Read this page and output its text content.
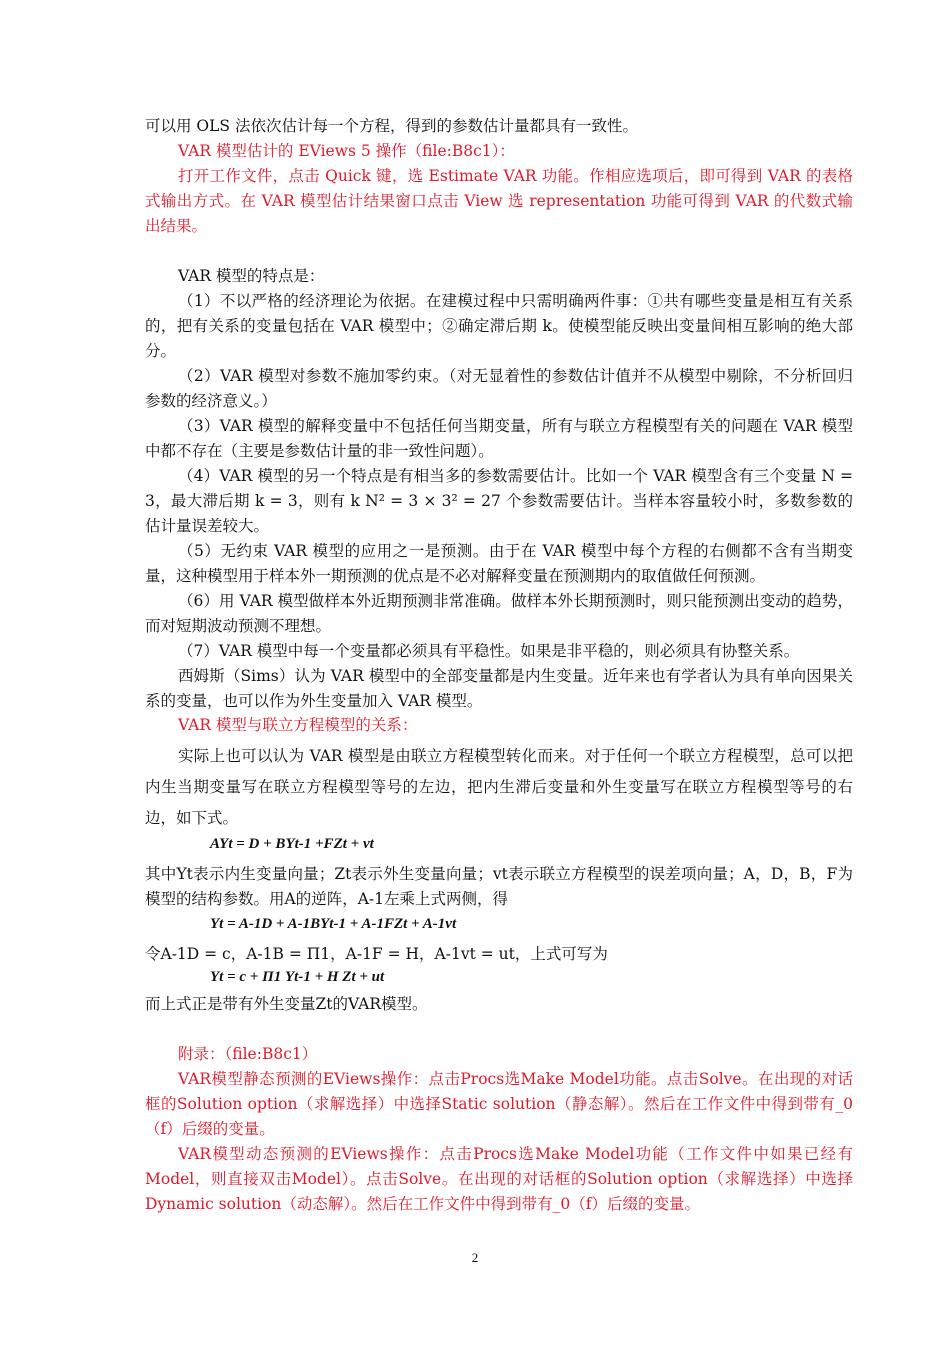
可以用 OLS 法依次估计每一个方程，得到的参数估计量都具有一致性。

VAR 模型估计的 EViews 5 操作（file:B8c1）：

打开工作文件，点击 Quick 键，选 Estimate VAR 功能。作相应选项后，即可得到 VAR 的表格式输出方式。在 VAR 模型估计结果窗口点击 View 选 representation 功能可得到 VAR 的代数式输出结果。

VAR 模型的特点是：

（1）不以严格的经济理论为依据。在建模过程中只需明确两件事：①共有哪些变量是相互有关系的，把有关系的变量包括在 VAR 模型中；②确定滞后期 k。使模型能反映出变量间相互影响的绝大部分。

（2）VAR 模型对参数不施加零约束。（对无显着性的参数估计值并不从模型中剔除，不分析回归参数的经济意义。）

（3）VAR 模型的解释变量中不包括任何当期变量，所有与联立方程模型有关的问题在 VAR 模型中都不存在（主要是参数估计量的非一致性问题）。

（4）VAR 模型的另一个特点是有相当多的参数需要估计。比如一个 VAR 模型含有三个变量 N = 3，最大滞后期 k = 3，则有 k N² = 3 × 3² = 27 个参数需要估计。当样本容量较小时，多数参数的估计量误差较大。

（5）无约束 VAR 模型的应用之一是预测。由于在 VAR 模型中每个方程的右侧都不含有当期变量，这种模型用于样本外一期预测的优点是不必对解释变量在预测期内的取值做任何预测。

（6）用 VAR 模型做样本外近期预测非常准确。做样本外长期预测时，则只能预测出变动的趋势，而对短期波动预测不理想。

（7）VAR 模型中每一个变量都必须具有平稳性。如果是非平稳的，则必须具有协整关系。

西姆斯（Sims）认为 VAR 模型中的全部变量都是内生变量。近年来也有学者认为具有单向因果关系的变量，也可以作为外生变量加入 VAR 模型。

VAR 模型与联立方程模型的关系：

实际上也可以认为 VAR 模型是由联立方程模型转化而来。对于任何一个联立方程模型，总可以把内生当期变量写在联立方程模型等号的左边，把内生滞后变量和外生变量写在联立方程模型等号的右边，如下式。

AYt = D + BYt-1 +FZt + vt

其中Yt表示内生变量向量；Zt表示外生变量向量；vt表示联立方程模型的误差项向量；A，D，B，F为模型的结构参数。用A的逆阵，A-1左乘上式两侧，得

Yt = A-1D + A-1BYt-1 + A-1FZt + A-1vt

令A-1D = c，A-1B = Π1，A-1F = H，A-1vt = ut，上式可写为

Yt = c + Π1 Yt-1 + H Zt + ut

而上式正是带有外生变量Zt的VAR模型。

附录：（file:B8c1）

VAR模型静态预测的EViews操作：点击Procs选Make Model功能。点击Solve。在出现的对话框的Solution option（求解选择）中选择Static solution（静态解）。然后在工作文件中得到带有_0（f）后缀的变量。

VAR模型动态预测的EViews操作：点击Procs选Make Model功能（工作文件中如果已经有Model，则直接双击Model）。点击Solve。在出现的对话框的Solution option（求解选择）中选择Dynamic solution（动态解）。然后在工作文件中得到带有_0（f）后缀的变量。

2
